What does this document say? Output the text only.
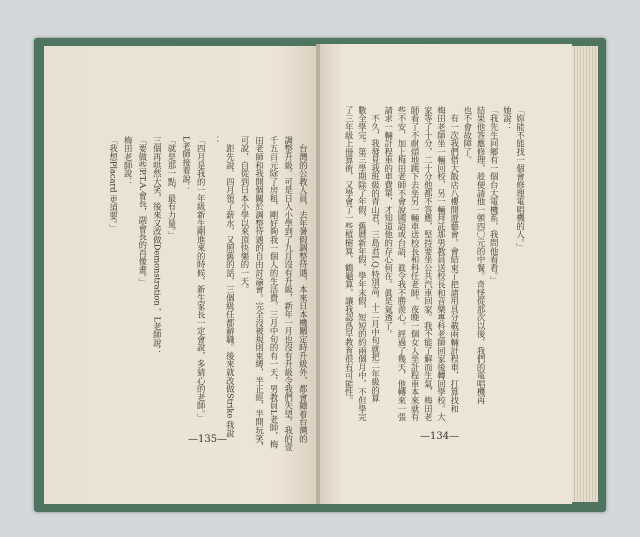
「妳能不能找一個會修理電唱機的人。」
她說：
「我先生同鄉有一個台大電機系，我問他看看。」
結果他答應修理，趁便請他一頓四〇元的中餐。奇怪從那次以後，我們的電唱機再
也不會故障了。
　有一次我們借大飯店八樓開遊藝會。會結束了把諸用具分載兩輛計程車，打算找和
梅田老師坐一輛回校，另一輛拜託那男教員送校長和音樂專科老師回家後轉回學校。大
家等了十分，二十分他都不答應，堅持要坐公共汽車回家。我不能了解而生氣，梅田老
師看了不耐煩地跳下去坐另一輛車送校長和科任老師。夜晚一個女人坐計程車本來就有
些不安，加上梅田老師不會說國語或台語，眞令我不勝羨心。經過了幾天，他轉來一張
請求一輛計程車的車費單，才知道他的存心何在。眞是氣透了。
　不久，我發見我班級的青山君，三島君I.Q.特別高。十二月中旬就把二年級的算
數全學完。第三學期除了年假，舊曆新年假，學年末假，短短的約兩個月中，不但學完
了三年級上冊算術，又學會了一些植樹算，鶴龜算，讓我認爲早教育很有可能性。
　台灣的公教人員，去年暑假調整待遇，本來日本機關定時升級外，都會隨着台灣的
調整升級。可是日人小學到了九月沒有升級，新年一月也沒有升級令我們失望。我的壹
千五百元除了房租，剛好夠我一個人的生活費。三月中旬的有一天，男教員L老師，梅
田老師和我開個關於調整待遇的自由討論會。完全沒被規則束縛，半正經，半開玩笑，
可說，自從到日本小學以來頂快樂的一天。
　距先說，四月領了薪水，又照舊的話，三個級任都辭職。後來就改做Strike 我說
：
「四月是我的一年級新生剛進來的時候，新生家長一定會說，多猜心的老師。」
L老師接着說：
「就是那一點，最有力量。」
三個再哄然大笑，後來又改做Demonstration ，L老師說：
「要做些P.T.A.會長，副會長的肖像畫。」
梅田老師說：
「我想Placard 更須要。」
—135—	—134—
